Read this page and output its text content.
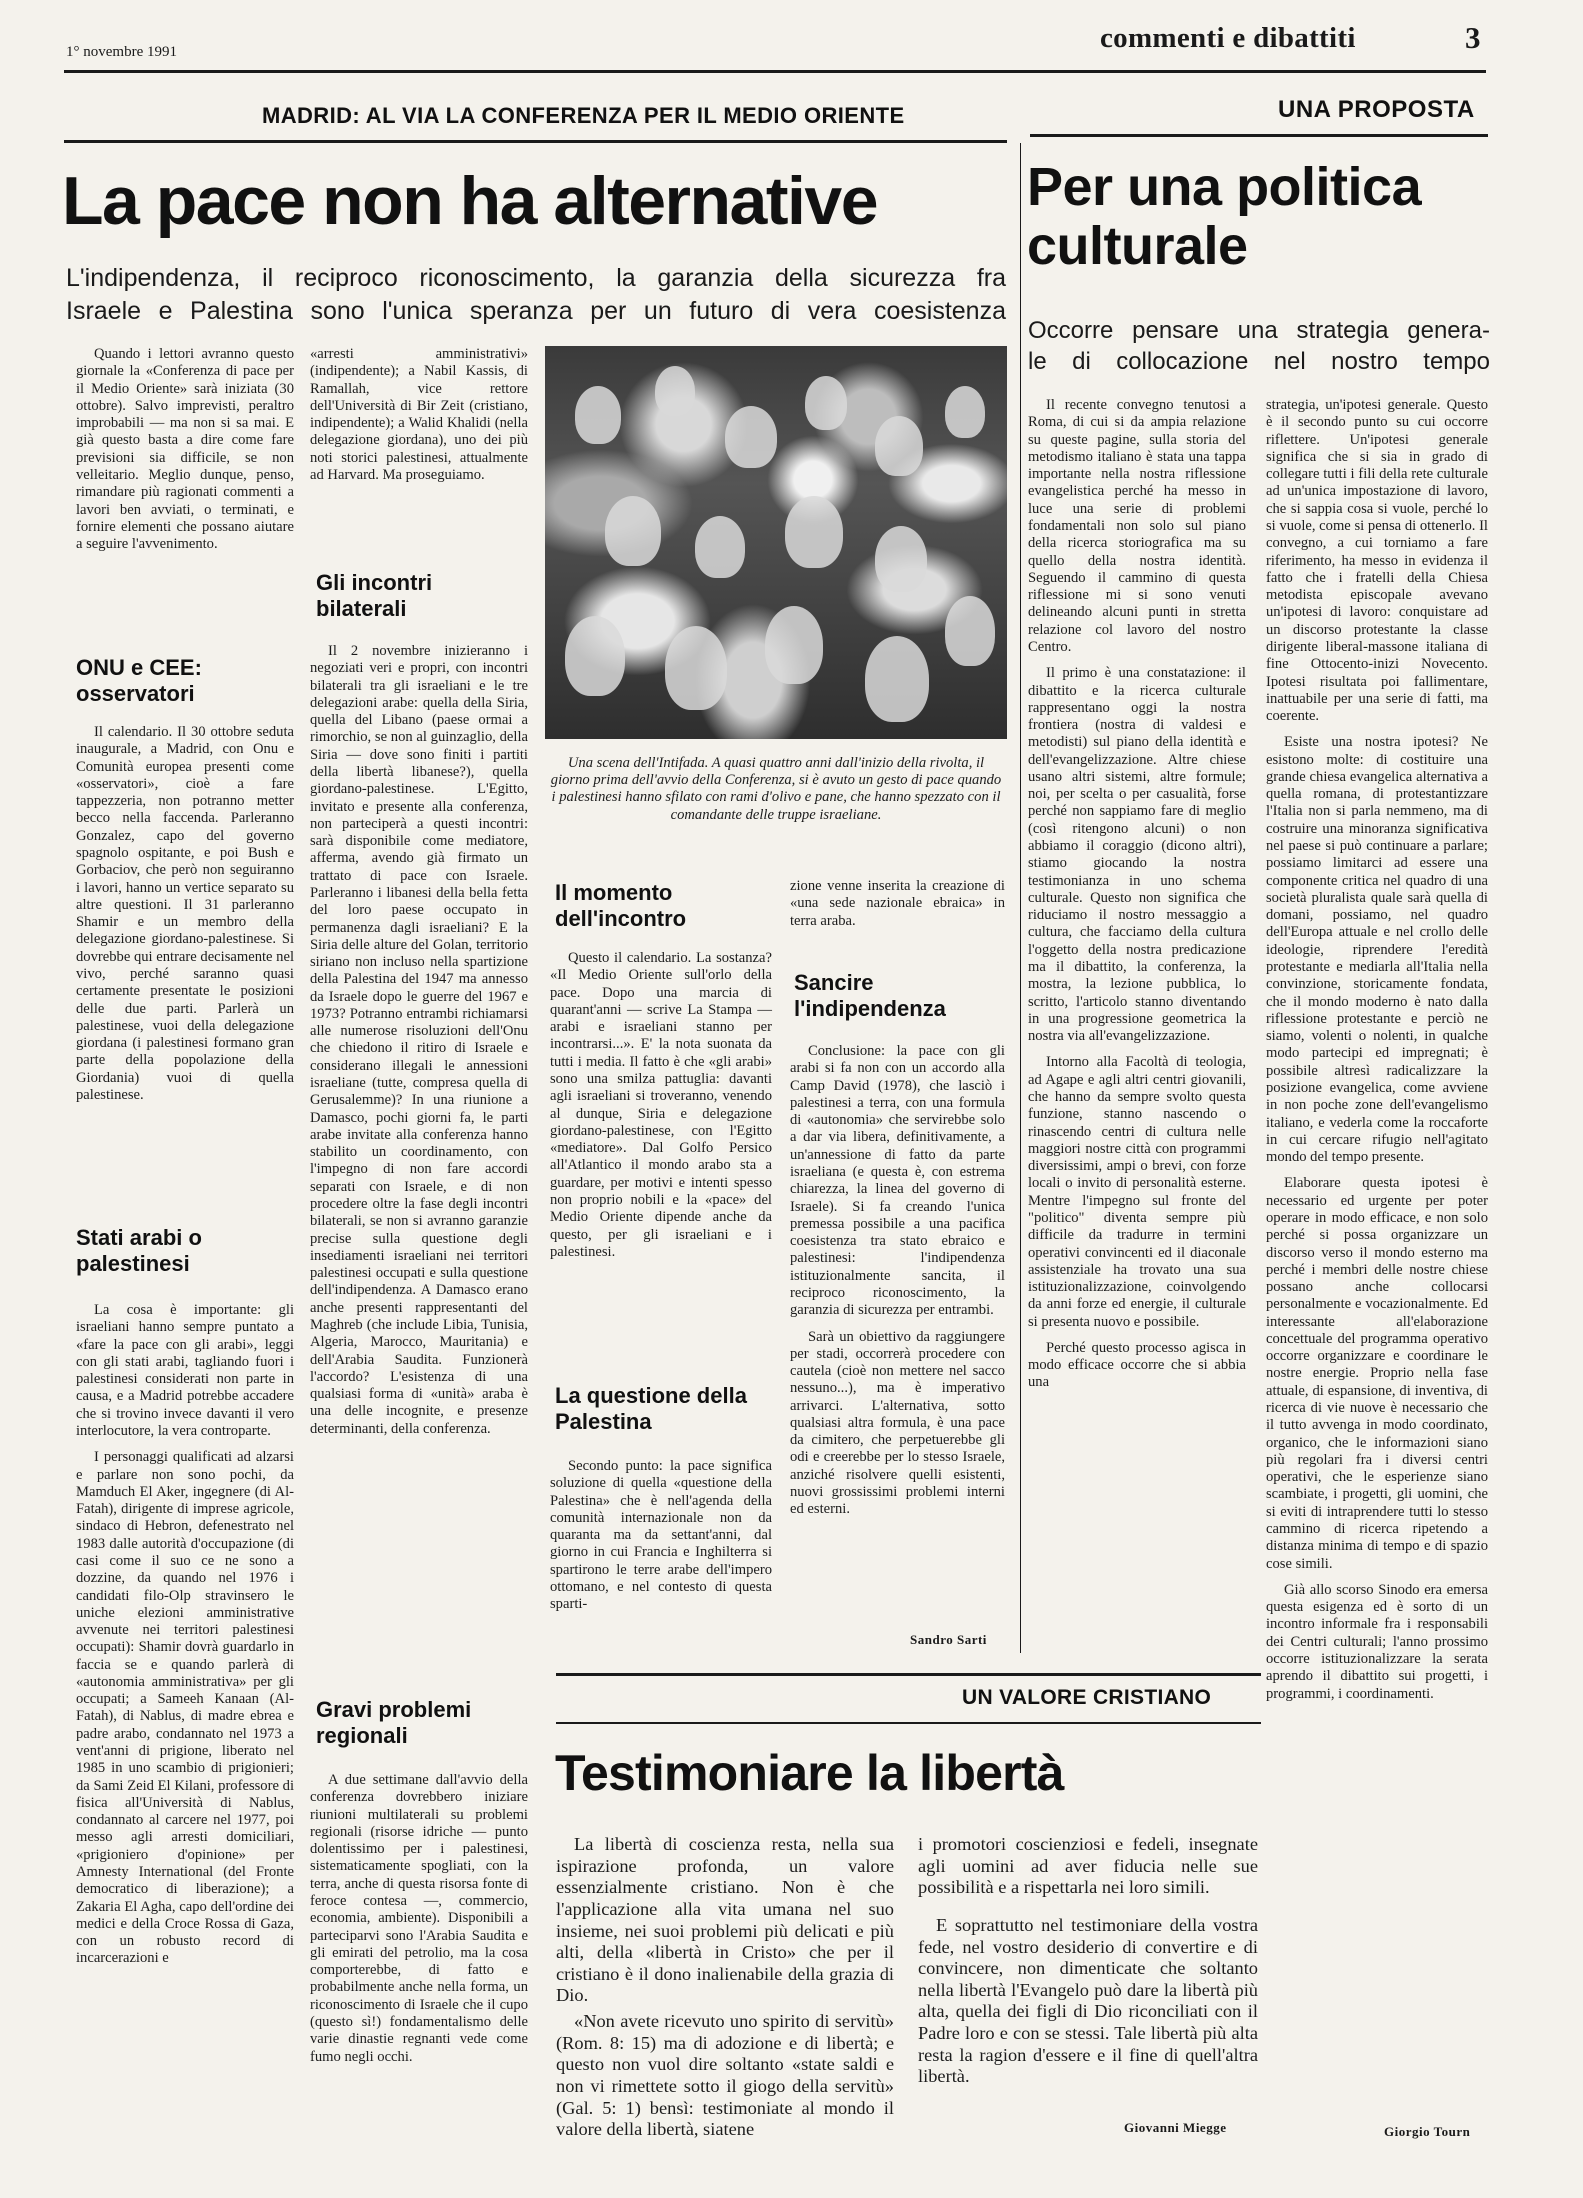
1° novembre 1991	commenti e dibattiti	3
MADRID: AL VIA LA CONFERENZA PER IL MEDIO ORIENTE
La pace non ha alternative
L'indipendenza, il reciproco riconoscimento, la garanzia della sicurezza fra
Israele e Palestina sono l'unica speranza per un futuro di vera coesistenza

Quando i lettori avranno questo giornale la «Conferenza di pace per il Medio Oriente» sarà iniziata (30 ottobre). Salvo imprevisti, peraltro improbabili — ma non si sa mai. E già questo basta a dire come fare previsioni sia difficile, se non velleitario. Meglio dunque, penso, rimandare più ragionati commenti a lavori ben avviati, o terminati, e fornire elementi che possano aiutare a seguire l'avvenimento.

ONU e CEE: osservatori

Il calendario. Il 30 ottobre seduta inaugurale, a Madrid, con Onu e Comunità europea presenti come «osservatori», cioè a fare tappezzeria, non potranno metter becco nella faccenda. Parleranno Gonzalez, capo del governo spagnolo ospitante, e poi Bush e Gorbaciov, che però non seguiranno i lavori, hanno un vertice separato su altre questioni. Il 31 parleranno Shamir e un membro della delegazione giordano-palestinese. Si dovrebbe qui entrare decisamente nel vivo, perché saranno quasi certamente presentate le posizioni delle due parti. Parlerà un palestinese, vuoi della delegazione giordana (i palestinesi formano gran parte della popolazione della Giordania) vuoi di quella palestinese.

Stati arabi o palestinesi

La cosa è importante: gli israeliani hanno sempre puntato a «fare la pace con gli arabi», leggi con gli stati arabi, tagliando fuori i palestinesi considerati non parte in causa, e a Madrid potrebbe accadere che si trovino invece davanti il vero interlocutore, la vera controparte.

I personaggi qualificati ad alzarsi e parlare non sono pochi, da Mamduch El Aker, ingegnere (di Al-Fatah), dirigente di imprese agricole, sindaco di Hebron, defenestrato nel 1983 dalle autorità d'occupazione (di casi come il suo ce ne sono a dozzine, da quando nel 1976 i candidati filo-Olp stravinsero le uniche elezioni amministrative avvenute nei territori palestinesi occupati): Shamir dovrà guardarlo in faccia se e quando parlerà di «autonomia amministrativa» per gli occupati; a Sameeh Kanaan (Al-Fatah), di Nablus, di madre ebrea e padre arabo, condannato nel 1973 a vent'anni di prigione, liberato nel 1985 in uno scambio di prigionieri; da Sami Zeid El Kilani, professore di fisica all'Università di Nablus, condannato al carcere nel 1977, poi messo agli arresti domiciliari, «prigioniero d'opinione» per Amnesty International (del Fronte democratico di liberazione); a Zakaria El Agha, capo dell'ordine dei medici e della Croce Rossa di Gaza, con un robusto record di incarcerazioni e

«arresti amministrativi» (indipendente); a Nabil Kassis, di Ramallah, vice rettore dell'Università di Bir Zeit (cristiano, indipendente); a Walid Khalidi (nella delegazione giordana), uno dei più noti storici palestinesi, attualmente ad Harvard. Ma proseguiamo.

Gli incontri bilaterali

Il 2 novembre inizieranno i negoziati veri e propri, con incontri bilaterali tra gli israeliani e le tre delegazioni arabe: quella della Siria, quella del Libano (paese ormai a rimorchio, se non al guinzaglio, della Siria — dove sono finiti i partiti della libertà libanese?), quella giordano-palestinese. L'Egitto, invitato e presente alla conferenza, non parteciperà a questi incontri: sarà disponibile come mediatore, afferma, avendo già firmato un trattato di pace con Israele. Parleranno i libanesi della bella fetta del loro paese occupato in permanenza dagli israeliani? E la Siria delle alture del Golan, territorio siriano non incluso nella spartizione della Palestina del 1947 ma annesso da Israele dopo le guerre del 1967 e 1973? Potranno entrambi richiamarsi alle numerose risoluzioni dell'Onu che chiedono il ritiro di Israele e considerano illegali le annessioni israeliane (tutte, compresa quella di Gerusalemme)? In una riunione a Damasco, pochi giorni fa, le parti arabe invitate alla conferenza hanno stabilito un coordinamento, con l'impegno di non fare accordi separati con Israele, e di non procedere oltre la fase degli incontri bilaterali, se non si avranno garanzie precise sulla questione degli insediamenti israeliani nei territori palestinesi occupati e sulla questione dell'indipendenza. A Damasco erano anche presenti rappresentanti del Maghreb (che include Libia, Tunisia, Algeria, Marocco, Mauritania) e dell'Arabia Saudita. Funzionerà l'accordo? L'esistenza di una qualsiasi forma di «unità» araba è una delle incognite, e presenze determinanti, della conferenza.

Gravi problemi regionali

A due settimane dall'avvio della conferenza dovrebbero iniziare riunioni multilaterali su problemi regionali (risorse idriche — punto dolentissimo per i palestinesi, sistematicamente spogliati, con la terra, anche di questa risorsa fonte di feroce contesa —, commercio, economia, ambiente). Disponibili a parteciparvi sono l'Arabia Saudita e gli emirati del petrolio, ma la cosa comporterebbe, di fatto e probabilmente anche nella forma, un riconoscimento di Israele che il cupo (questo sì!) fondamentalismo delle varie dinastie regnanti vede come fumo negli occhi.

Una scena dell'Intifada. A quasi quattro anni dall'inizio della rivolta, il giorno prima dell'avvio della Conferenza, si è avuto un gesto di pace quando i palestinesi hanno sfilato con rami d'olivo e pane, che hanno spezzato con il comandante delle truppe israeliane.
Il momento dell'incontro

Questo il calendario. La sostanza? «Il Medio Oriente sull'orlo della pace. Dopo una marcia di quarant'anni — scrive La Stampa — arabi e israeliani stanno per incontrarsi...». E' la nota suonata da tutti i media. Il fatto è che «gli arabi» sono una smilza pattuglia: davanti agli israeliani si troveranno, venendo al dunque, Siria e delegazione giordano-palestinese, con l'Egitto «mediatore». Dal Golfo Persico all'Atlantico il mondo arabo sta a guardare, per motivi e intenti spesso non proprio nobili e la «pace» del Medio Oriente dipende anche da questo, per gli israeliani e i palestinesi.

La questione della Palestina

Secondo punto: la pace significa soluzione di quella «questione della Palestina» che è nell'agenda della comunità internazionale non da quaranta ma da settant'anni, dal giorno in cui Francia e Inghilterra si spartirono le terre arabe dell'impero ottomano, e nel contesto di questa sparti-

zione venne inserita la creazione di «una sede nazionale ebraica» in terra araba.

Sancire l'indipendenza

Conclusione: la pace con gli arabi si fa non con un accordo alla Camp David (1978), che lasciò i palestinesi a terra, con una formula di «autonomia» che servirebbe solo a dar via libera, definitivamente, a un'annessione di fatto da parte israeliana (e questa è, con estrema chiarezza, la linea del governo di Israele). Si fa creando l'unica premessa possibile a una pacifica coesistenza tra stato ebraico e palestinesi: l'indipendenza istituzionalmente sancita, il reciproco riconoscimento, la garanzia di sicurezza per entrambi.

Sarà un obiettivo da raggiungere per stadi, occorrerà procedere con cautela (cioè non mettere nel sacco nessuno...), ma è imperativo arrivarci. L'alternativa, sotto qualsiasi altra formula, è una pace da cimitero, che perpetuerebbe gli odi e creerebbe per lo stesso Israele, anziché risolvere quelli esistenti, nuovi grossissimi problemi interni ed esterni.

Sandro Sarti
UNA PROPOSTA
Per una politica
culturale
Occorre pensare una strategia genera-
le di collocazione nel nostro tempo

Il recente convegno tenutosi a Roma, di cui si da ampia relazione su queste pagine, sulla storia del metodismo italiano è stata una tappa importante nella nostra riflessione evangelistica perché ha messo in luce una serie di problemi fondamentali non solo sul piano della ricerca storiografica ma su quello della nostra identità. Seguendo il cammino di questa riflessione mi si sono venuti delineando alcuni punti in stretta relazione col lavoro del nostro Centro.

Il primo è una constatazione: il dibattito e la ricerca culturale rappresentano oggi la nostra frontiera (nostra di valdesi e metodisti) sul piano della identità e dell'evangelizzazione. Altre chiese usano altri sistemi, altre formule; noi, per scelta o per casualità, forse perché non sappiamo fare di meglio (così ritengono alcuni) o non abbiamo il coraggio (dicono altri), stiamo giocando la nostra testimonianza in uno schema culturale. Questo non significa che riduciamo il nostro messaggio a cultura, che facciamo della cultura l'oggetto della nostra predicazione ma il dibattito, la conferenza, la mostra, la lezione pubblica, lo scritto, l'articolo stanno diventando in una progressione geometrica la nostra via all'evangelizzazione.

Intorno alla Facoltà di teologia, ad Agape e agli altri centri giovanili, che hanno da sempre svolto questa funzione, stanno nascendo o rinascendo centri di cultura nelle maggiori nostre città con programmi diversissimi, ampi o brevi, con forze locali o invito di personalità esterne. Mentre l'impegno sul fronte del "politico" diventa sempre più difficile da tradurre in termini operativi convincenti ed il diaconale assistenziale ha trovato una sua istituzionalizzazione, coinvolgendo da anni forze ed energie, il culturale si presenta nuovo e possibile.

Perché questo processo agisca in modo efficace occorre che si abbia una

strategia, un'ipotesi generale. Questo è il secondo punto su cui occorre riflettere. Un'ipotesi generale significa che si sia in grado di collegare tutti i fili della rete culturale ad un'unica impostazione di lavoro, che si sappia cosa si vuole, perché lo si vuole, come si pensa di ottenerlo. Il convegno, a cui torniamo a fare riferimento, ha messo in evidenza il fatto che i fratelli della Chiesa metodista episcopale avevano un'ipotesi di lavoro: conquistare ad un discorso protestante la classe dirigente liberal-massone italiana di fine Ottocento-inizi Novecento. Ipotesi risultata poi fallimentare, inattuabile per una serie di fatti, ma coerente.

Esiste una nostra ipotesi? Ne esistono molte: di costituire una grande chiesa evangelica alternativa a quella romana, di protestantizzare l'Italia non si parla nemmeno, ma di costruire una minoranza significativa nel paese si può continuare a parlare; possiamo limitarci ad essere una componente critica nel quadro di una società pluralista quale sarà quella di domani, possiamo, nel quadro dell'Europa attuale e nel crollo delle ideologie, riprendere l'eredità protestante e mediarla all'Italia nella convinzione, storicamente fondata, che il mondo moderno è nato dalla riflessione protestante e perciò ne siamo, volenti o nolenti, in qualche modo partecipi ed impregnati; è possibile altresì radicalizzare la posizione evangelica, come avviene in non poche zone dell'evangelismo italiano, e vederla come la roccaforte in cui cercare rifugio nell'agitato mondo del tempo presente.

Elaborare questa ipotesi è necessario ed urgente per poter operare in modo efficace, e non solo perché si possa organizzare un discorso verso il mondo esterno ma perché i membri delle nostre chiese possano anche collocarsi personalmente e vocazionalmente. Ed interessante all'elaborazione concettuale del programma operativo occorre organizzare e coordinare le nostre energie. Proprio nella fase attuale, di espansione, di inventiva, di ricerca di vie nuove è necessario che il tutto avvenga in modo coordinato, organico, che le informazioni siano più regolari fra i diversi centri operativi, che le esperienze siano scambiate, i progetti, gli uomini, che si eviti di intraprendere tutti lo stesso cammino di ricerca ripetendo a distanza minima di tempo e di spazio cose simili.

Già allo scorso Sinodo era emersa questa esigenza ed è sorto di un incontro informale fra i responsabili dei Centri culturali; l'anno prossimo occorre istituzionalizzare la serata aprendo il dibattito sui progetti, i programmi, i coordinamenti.

Giorgio Tourn
UN VALORE CRISTIANO
Testimoniare la libertà

La libertà di coscienza resta, nella sua ispirazione profonda, un valore essenzialmente cristiano. Non è che l'applicazione alla vita umana nel suo insieme, nei suoi problemi più delicati e più alti, della «libertà in Cristo» che per il cristiano è il dono inalienabile della grazia di Dio.

«Non avete ricevuto uno spirito di servitù» (Rom. 8: 15) ma di adozione e di libertà; e questo non vuol dire soltanto «state saldi e non vi rimettete sotto il giogo della servitù» (Gal. 5: 1) bensì: testimoniate al mondo il valore della libertà, siatene

i promotori coscienziosi e fedeli, insegnate agli uomini ad aver fiducia nelle sue possibilità e a rispettarla nei loro simili.

E soprattutto nel testimoniare della vostra fede, nel vostro desiderio di convertire e di convincere, non dimenticate che soltanto nella libertà l'Evangelo può dare la libertà più alta, quella dei figli di Dio riconciliati con il Padre loro e con se stessi. Tale libertà più alta resta la ragion d'essere e il fine di quell'altra libertà.

Giovanni Miegge
